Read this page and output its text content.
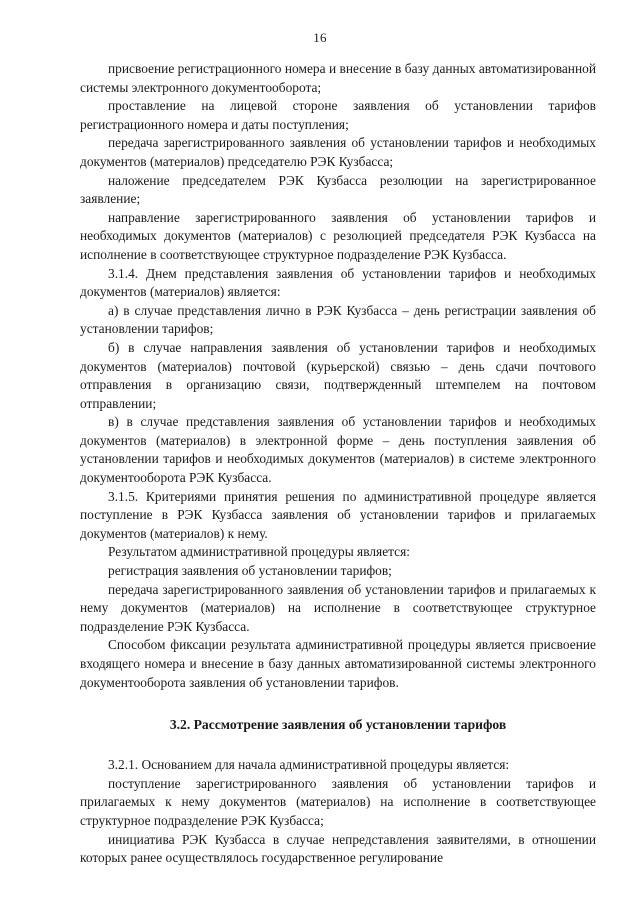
16

присвоение регистрационного номера и внесение в базу данных автоматизированной системы электронного документооборота;

проставление на лицевой стороне заявления об установлении тарифов регистрационного номера и даты поступления;

передача зарегистрированного заявления об установлении тарифов и необходимых документов (материалов) председателю РЭК Кузбасса;

наложение председателем РЭК Кузбасса резолюции на зарегистрированное заявление;

направление зарегистрированного заявления об установлении тарифов и необходимых документов (материалов) с резолюцией председателя РЭК Кузбасса на исполнение в соответствующее структурное подразделение РЭК Кузбасса.

3.1.4. Днем представления заявления об установлении тарифов и необходимых документов (материалов) является:

а) в случае представления лично в РЭК Кузбасса – день регистрации заявления об установлении тарифов;

б) в случае направления заявления об установлении тарифов и необходимых документов (материалов) почтовой (курьерской) связью – день сдачи почтового отправления в организацию связи, подтвержденный штемпелем на почтовом отправлении;

в) в случае представления заявления об установлении тарифов и необходимых документов (материалов) в электронной форме – день поступления заявления об установлении тарифов и необходимых документов (материалов) в системе электронного документооборота РЭК Кузбасса.

3.1.5. Критериями принятия решения по административной процедуре является поступление в РЭК Кузбасса заявления об установлении тарифов и прилагаемых документов (материалов) к нему.

Результатом административной процедуры является:

регистрация заявления об установлении тарифов;

передача зарегистрированного заявления об установлении тарифов и прилагаемых к нему документов (материалов) на исполнение в соответствующее структурное подразделение РЭК Кузбасса.

Способом фиксации результата административной процедуры является присвоение входящего номера и внесение в базу данных автоматизированной системы электронного документооборота заявления об установлении тарифов.

3.2. Рассмотрение заявления об установлении тарифов

3.2.1. Основанием для начала административной процедуры является:

поступление зарегистрированного заявления об установлении тарифов и прилагаемых к нему документов (материалов) на исполнение в соответствующее структурное подразделение РЭК Кузбасса;

инициатива РЭК Кузбасса в случае непредставления заявителями, в отношении которых ранее осуществлялось государственное регулирование
